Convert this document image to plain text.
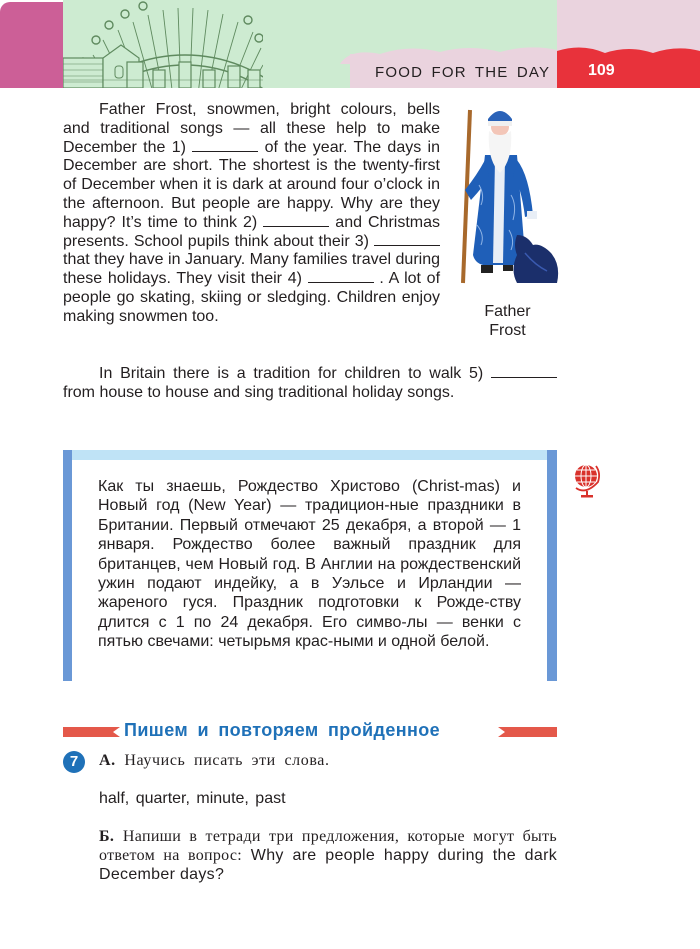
FOOD FOR THE DAY 109
Father Frost, snowmen, bright colours, bells and traditional songs — all these help to make December the 1)	of the year. The days in December are short. The shortest is the twenty-first of December when it is dark at around four o’clock in the afternoon. But people are happy. Why are they happy? It’s time to think 2)	and Christmas presents. School pupils think about their 3)  that they have in January. Many families travel during these holidays. They visit their 4)	. A lot of people go skating, skiing or sledging. Children enjoy making snowmen too.
In Britain there is a tradition for children to walk 5)  from house to house and sing traditional holiday songs.
Father
Frost
Как ты знаешь, Рождество Христово (Christ-mas) и Новый год (New Year) — традицион-ные праздники в Британии. Первый отмечают 25 декабря, а второй — 1 января. Рождество более важный праздник для британцев, чем Новый год. В Англии на рождественский ужин подают индейку, а в Уэльсе и Ирландии — жареного гуся. Праздник подготовки к Рожде-ству длится с 1 по 24 декабря. Его симво-лы — венки с пятью свечами: четырьмя крас-ными и одной белой.
Пишем и повторяем пройденное
7	А. Научись писать эти слова.
half, quarter, minute, past
Б. Напиши в тетради три предложения, которые могут быть ответом на вопрос: Why are people happy during the dark December days?
